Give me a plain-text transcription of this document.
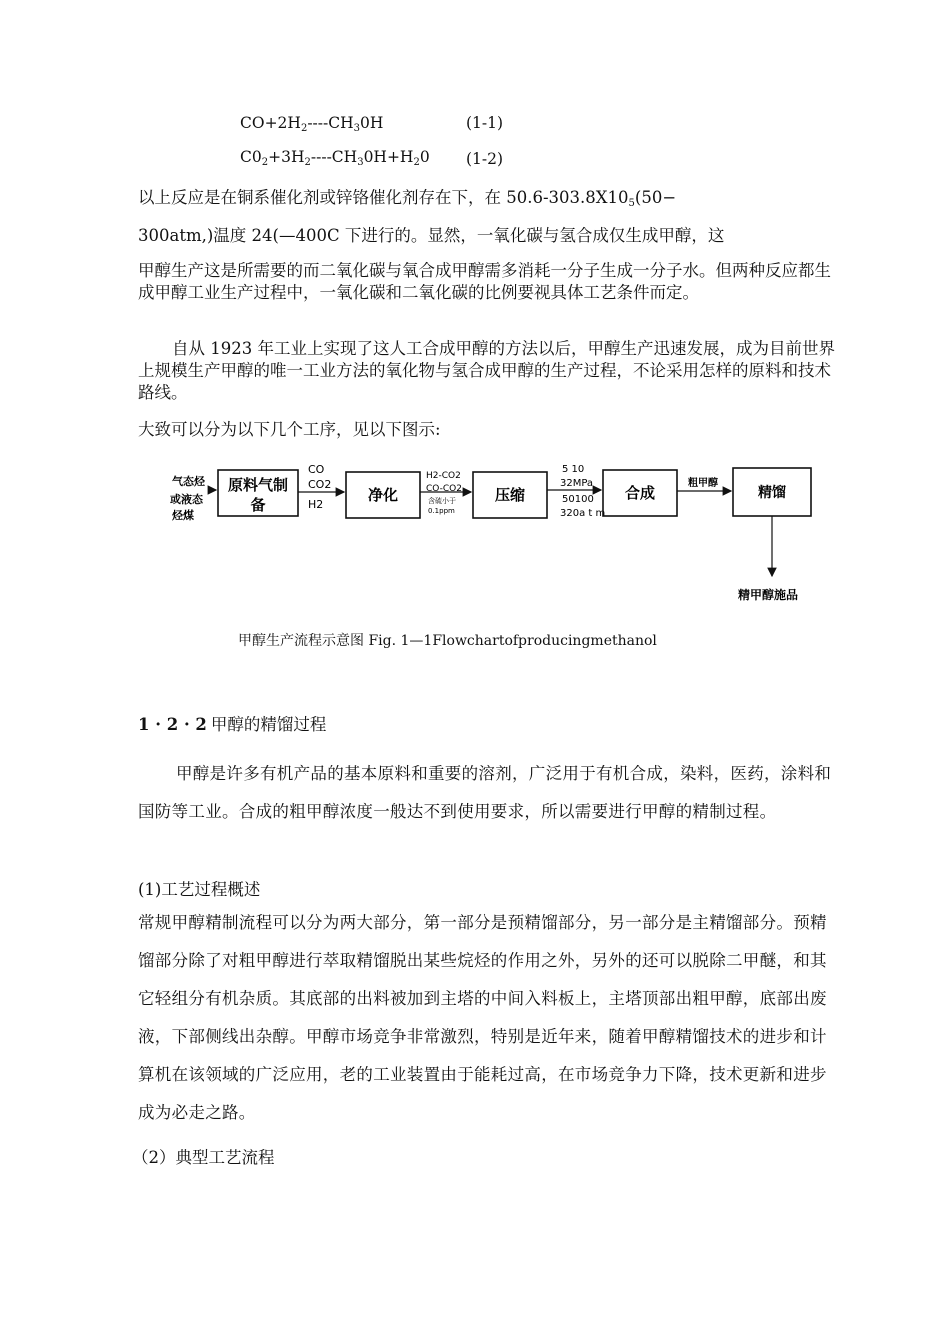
$CO+2H_2----CH_30H$	(1-1)
$C0_2+3H_2----CH_30H+H_20$ (1-2)
以上反应是在铜系催化剂或锌铬催化剂存在下，在 $50.6-303.8X10_5(50-$
300atm,)温度 24(—400C 下进行的。显然，一氧化碳与氢合成仅生成甲醇，这
甲醇生产这是所需要的而二氧化碳与氧合成甲醇需多消耗一分子生成一分子水。但两种反应都生成甲醇工业生产过程中，一氧化碳和二氧化碳的比例要视具体工艺条件而定。
自从 1923 年工业上实现了这人工合成甲醇的方法以后，甲醇生产迅速发展，成为目前世界上规模生产甲醇的唯一工业方法的氧化物与氢合成甲醇的生产过程，不论采用怎样的原料和技术路线。
大致可以分为以下几个工序，见以下图示:
气态烃
或液态
烃煤
原料气制
备
CO
CO2
H2
净化
H2-CO2
CO-CO2
含硫小于
0.1ppm
压缩
5 10
32MPa
50100
320a t m
合成
粗甲醇
精馏
精甲醇施品
甲醇生产流程示意图 Fig. 1—1Flowchartofproducingmethanol
1 · 2 · 2 甲醇的精馏过程
甲醇是许多有机产品的基本原料和重要的溶剂，广泛用于有机合成，染料，医药，涂料和国防等工业。合成的粗甲醇浓度一般达不到使用要求，所以需要进行甲醇的精制过程。
(1)工艺过程概述
常规甲醇精制流程可以分为两大部分，第一部分是预精馏部分，另一部分是主精馏部分。预精馏部分除了对粗甲醇进行萃取精馏脱出某些烷烃的作用之外，另外的还可以脱除二甲醚，和其它轻组分有机杂质。其底部的出料被加到主塔的中间入料板上，主塔顶部出粗甲醇，底部出废液，下部侧线出杂醇。甲醇市场竞争非常激烈，特别是近年来，随着甲醇精馏技术的进步和计算机在该领域的广泛应用，老的工业装置由于能耗过高，在市场竞争力下降，技术更新和进步成为必走之路。
（2）典型工艺流程
